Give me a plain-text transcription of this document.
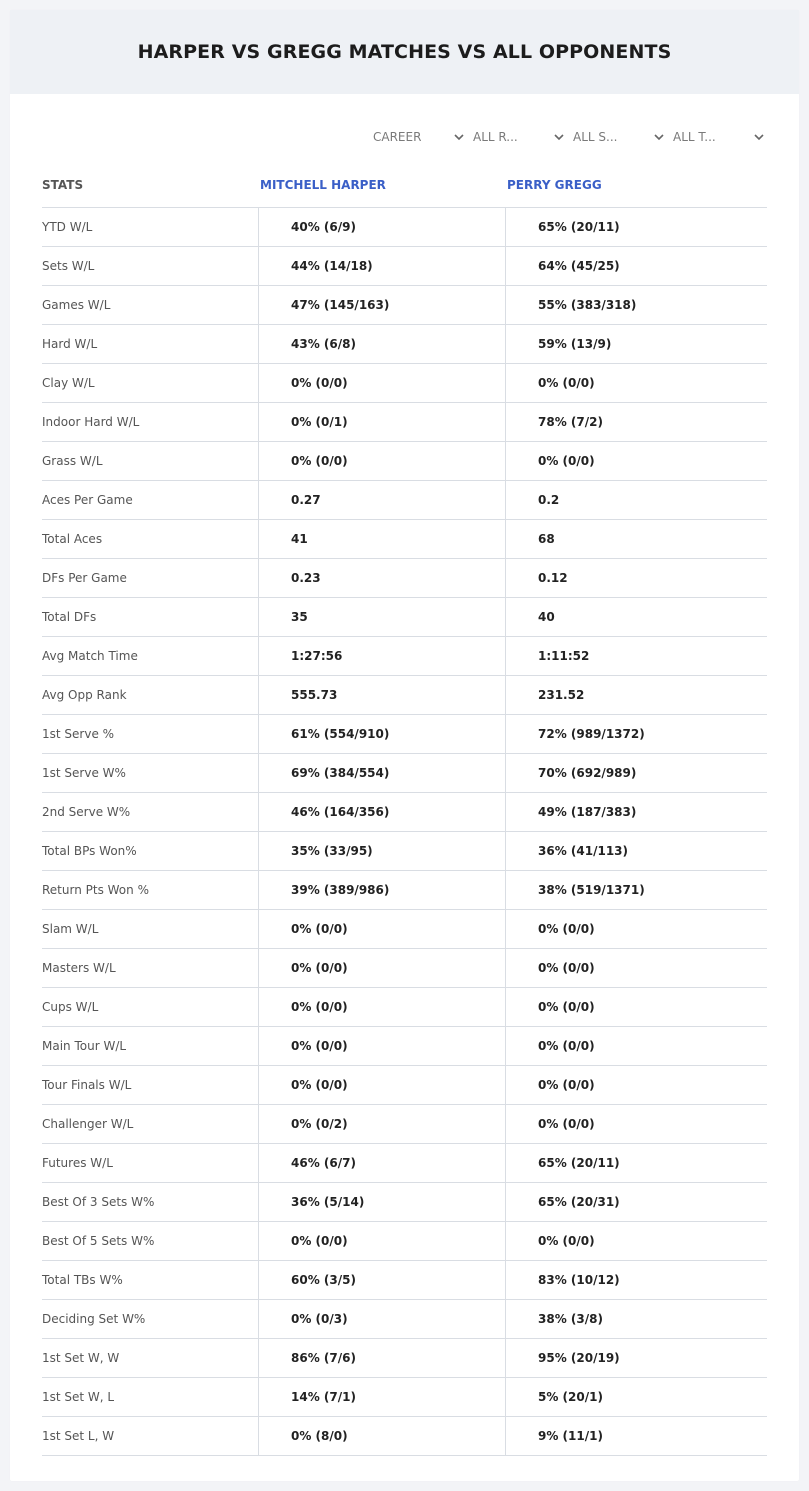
HARPER VS GREGG MATCHES VS ALL OPPONENTS
CAREER	ALL R...	ALL S...	ALL T...
STATS	MITCHELL HARPER	PERRY GREGG
YTD W/L	40% (6/9)	65% (20/11)
Sets W/L	44% (14/18)	64% (45/25)
Games W/L	47% (145/163)	55% (383/318)
Hard W/L	43% (6/8)	59% (13/9)
Clay W/L	0% (0/0)	0% (0/0)
Indoor Hard W/L	0% (0/1)	78% (7/2)
Grass W/L	0% (0/0)	0% (0/0)
Aces Per Game	0.27	0.2
Total Aces	41	68
DFs Per Game	0.23	0.12
Total DFs	35	40
Avg Match Time	1:27:56	1:11:52
Avg Opp Rank	555.73	231.52
1st Serve %	61% (554/910)	72% (989/1372)
1st Serve W%	69% (384/554)	70% (692/989)
2nd Serve W%	46% (164/356)	49% (187/383)
Total BPs Won%	35% (33/95)	36% (41/113)
Return Pts Won %	39% (389/986)	38% (519/1371)
Slam W/L	0% (0/0)	0% (0/0)
Masters W/L	0% (0/0)	0% (0/0)
Cups W/L	0% (0/0)	0% (0/0)
Main Tour W/L	0% (0/0)	0% (0/0)
Tour Finals W/L	0% (0/0)	0% (0/0)
Challenger W/L	0% (0/2)	0% (0/0)
Futures W/L	46% (6/7)	65% (20/11)
Best Of 3 Sets W%	36% (5/14)	65% (20/31)
Best Of 5 Sets W%	0% (0/0)	0% (0/0)
Total TBs W%	60% (3/5)	83% (10/12)
Deciding Set W%	0% (0/3)	38% (3/8)
1st Set W, W	86% (7/6)	95% (20/19)
1st Set W, L	14% (7/1)	5% (20/1)
1st Set L, W	0% (8/0)	9% (11/1)
